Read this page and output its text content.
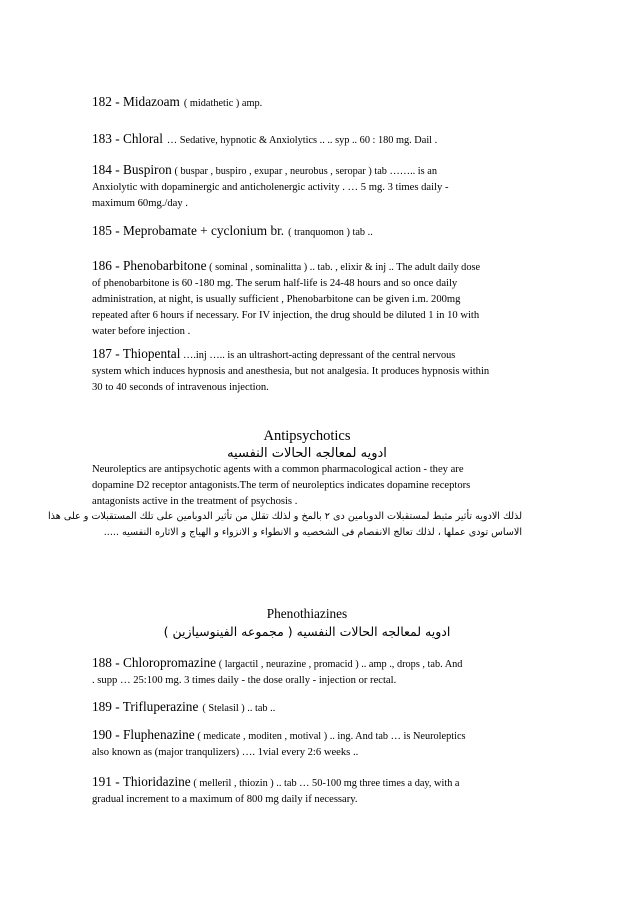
182 - Midazoam ( midathetic ) amp.
183 - Chloral … Sedative, hypnotic & Anxiolytics .. .. syp .. 60 : 180 mg. Dail .
184 - Buspiron ( buspar , buspiro , exupar , neurobus , seropar ) tab …….. is an
Anxiolytic with dopaminergic and anticholenergic activity . … 5 mg. 3 times daily -
maximum 60mg./day .
185 - Meprobamate + cyclonium br. ( tranquomon ) tab ..
186 - Phenobarbitone ( sominal , sominalitta ) .. tab. , elixir & inj .. The adult daily dose
of phenobarbitone is 60 -180 mg. The serum half-life is 24-48 hours and so once daily
administration, at night, is usually sufficient , Phenobarbitone can be given i.m. 200mg
repeated after 6 hours if necessary. For IV injection, the drug should be diluted 1 in 10 with
water before injection .
187 - Thiopental ….inj ….. is an ultrashort-acting depressant of the central nervous
system which induces hypnosis and anesthesia, but not analgesia. It produces hypnosis within
30 to 40 seconds of intravenous injection.
Antipsychotics
ادويه لمعالجه الحالات النفسيه
Neuroleptics are antipsychotic agents with a common pharmacological action - they are
dopamine D2 receptor antagonists.The term of neuroleptics indicates dopamine receptors
antagonists active in the treatment of psychosis .
لذلك الادويه تأثير مثبط لمستقبلات الدوبامين دى ٢ بالمخ و لذلك تقلل من تأثير الدوبامين على تلك المستقبلات و على هذا
الاساس تودى عملها ، لذلك تعالج الانفصام فى الشخصيه و الانطواء و الانزواء و الهياج و الاثاره النفسيه .....
Phenothiazines
ادويه لمعالجه الحالات النفسيه ( مجموعه الفينوسيازين )
188 - Chloropromazine ( largactil , neurazine , promacid ) .. amp ., drops , tab. And
. supp … 25:100 mg. 3 times daily - the dose orally - injection or rectal.
189 - Trifluperazine ( Stelasil ) .. tab ..
190 - Fluphenazine ( medicate , moditen , motival ) .. ing. And tab … is Neuroleptics
also known as (major tranqulizers) …. 1vial every 2:6 weeks ..
191 - Thioridazine ( melleril , thiozin ) .. tab … 50-100 mg three times a day, with a
gradual increment to a maximum of 800 mg daily if necessary.
